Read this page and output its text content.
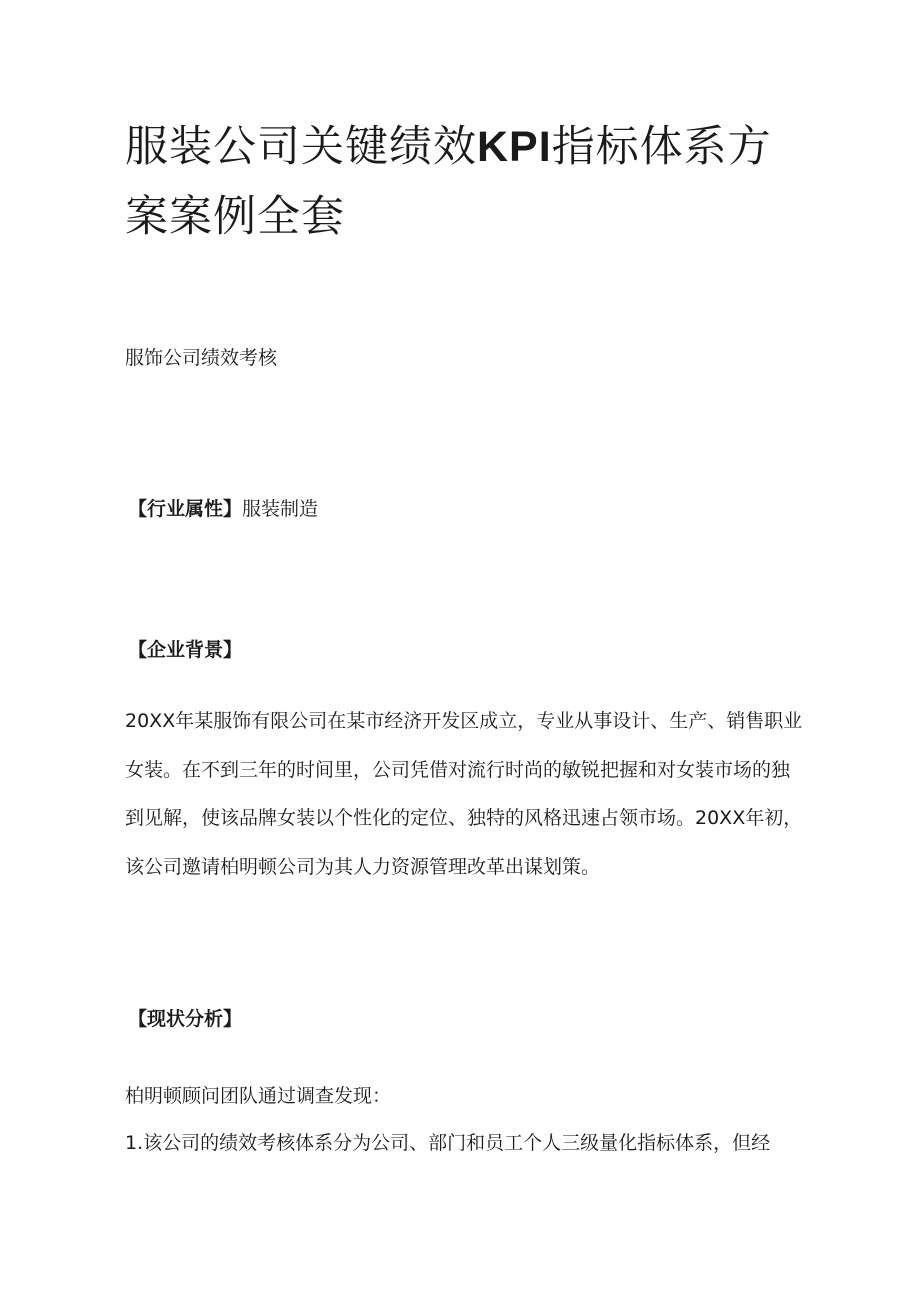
服装公司关键绩效KPI指标体系方案案例全套
服饰公司绩效考核
【行业属性】服装制造
【企业背景】

20XX年某服饰有限公司在某市经济开发区成立，专业从事设计、生产、销售职业女装。在不到三年的时间里，公司凭借对流行时尚的敏锐把握和对女装市场的独到见解，使该品牌女装以个性化的定位、独特的风格迅速占领市场。20XX年初，该公司邀请柏明顿公司为其人力资源管理改革出谋划策。

【现状分析】
柏明顿顾问团队通过调查发现：
1.该公司的绩效考核体系分为公司、部门和员工个人三级量化指标体系，但经
